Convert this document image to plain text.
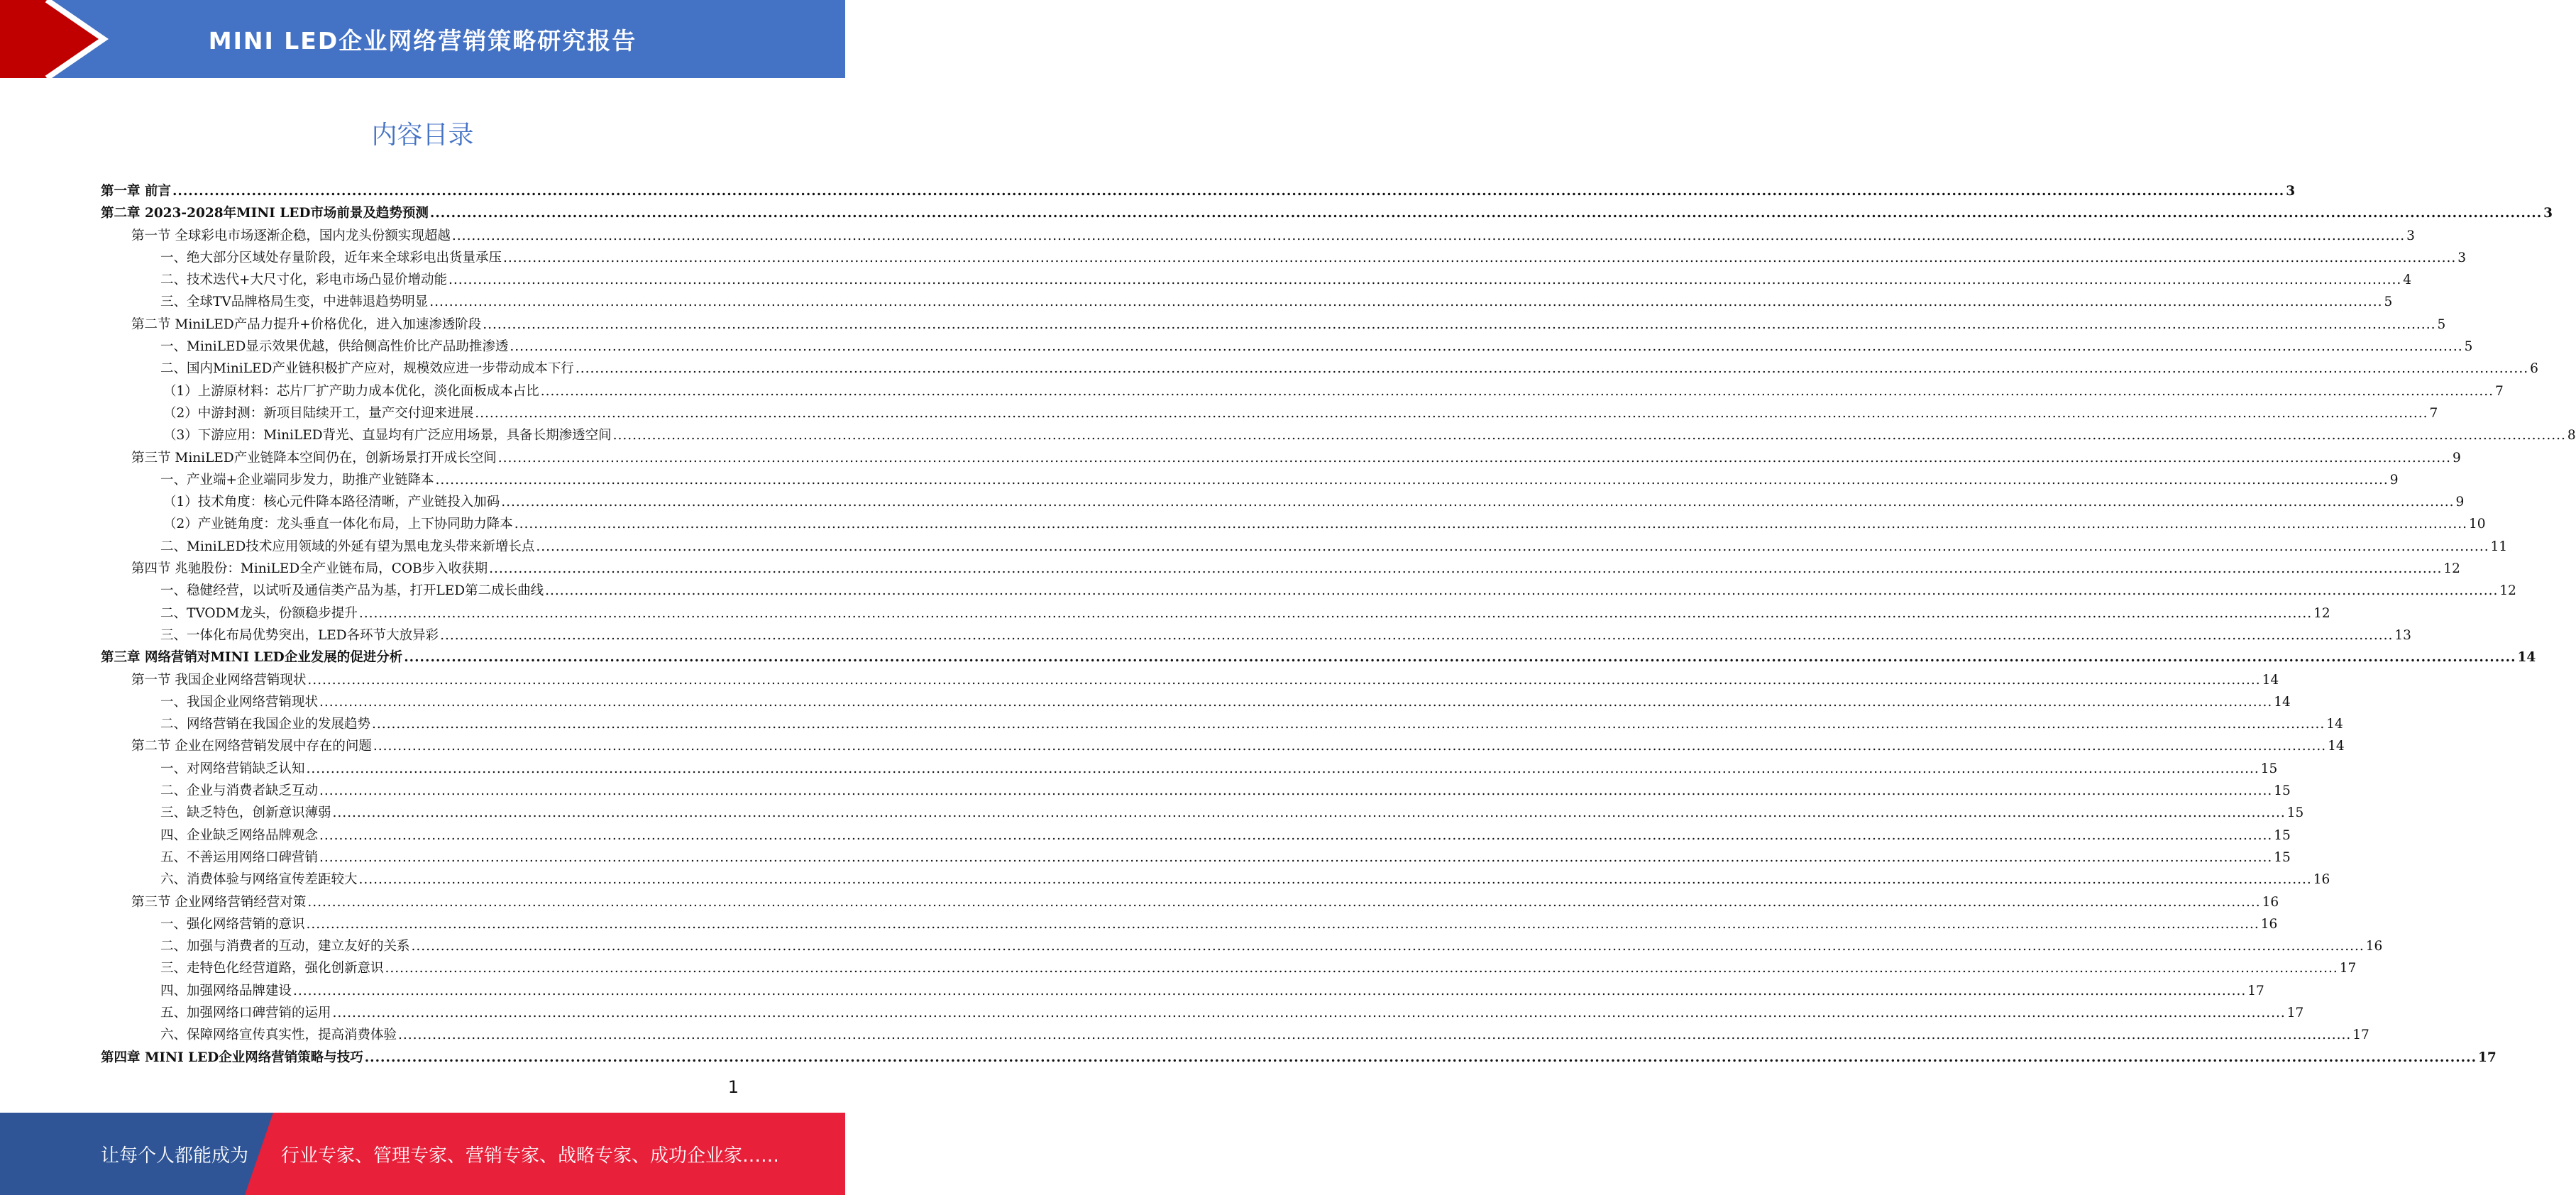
MINI LED企业网络营销策略研究报告
内容目录
第一章 前言 ................................................................................................................................................................................................................................................................................................................................................................................................................ 3
第二章 2023-2028年MINI LED市场前景及趋势预测 ................................................................................................................................................................................................................................................................................................................................................................................................................ 3
第一节 全球彩电市场逐渐企稳，国内龙头份额实现超越 ................................................................................................................................................................................................................................................................................................................................................................................................................ 3
一、绝大部分区域处存量阶段，近年来全球彩电出货量承压 ................................................................................................................................................................................................................................................................................................................................................................................................................ 3
二、技术迭代+大尺寸化，彩电市场凸显价增动能 ................................................................................................................................................................................................................................................................................................................................................................................................................ 4
三、全球TV品牌格局生变，中进韩退趋势明显 ................................................................................................................................................................................................................................................................................................................................................................................................................ 5
第二节 MiniLED产品力提升+价格优化，进入加速渗透阶段 ................................................................................................................................................................................................................................................................................................................................................................................................................ 5
一、MiniLED显示效果优越，供给侧高性价比产品助推渗透 ................................................................................................................................................................................................................................................................................................................................................................................................................ 5
二、国内MiniLED产业链积极扩产应对，规模效应进一步带动成本下行 ................................................................................................................................................................................................................................................................................................................................................................................................................ 6
（1）上游原材料：芯片厂扩产助力成本优化，淡化面板成本占比 ................................................................................................................................................................................................................................................................................................................................................................................................................ 7
（2）中游封测：新项目陆续开工，量产交付迎来进展 ................................................................................................................................................................................................................................................................................................................................................................................................................ 7
（3）下游应用：MiniLED背光、直显均有广泛应用场景，具备长期渗透空间 ................................................................................................................................................................................................................................................................................................................................................................................................................ 8
第三节 MiniLED产业链降本空间仍在，创新场景打开成长空间 ................................................................................................................................................................................................................................................................................................................................................................................................................ 9
一、产业端+企业端同步发力，助推产业链降本 ................................................................................................................................................................................................................................................................................................................................................................................................................ 9
（1）技术角度：核心元件降本路径清晰，产业链投入加码 ................................................................................................................................................................................................................................................................................................................................................................................................................ 9
（2）产业链角度：龙头垂直一体化布局，上下协同助力降本 ................................................................................................................................................................................................................................................................................................................................................................................................................ 10
二、MiniLED技术应用领域的外延有望为黑电龙头带来新增长点 ................................................................................................................................................................................................................................................................................................................................................................................................................ 11
第四节 兆驰股份：MiniLED全产业链布局，COB步入收获期 ................................................................................................................................................................................................................................................................................................................................................................................................................ 12
一、稳健经营，以试听及通信类产品为基，打开LED第二成长曲线 ................................................................................................................................................................................................................................................................................................................................................................................................................ 12
二、TVODM龙头，份额稳步提升 ................................................................................................................................................................................................................................................................................................................................................................................................................ 12
三、一体化布局优势突出，LED各环节大放异彩 ................................................................................................................................................................................................................................................................................................................................................................................................................ 13
第三章 网络营销对MINI LED企业发展的促进分析 ................................................................................................................................................................................................................................................................................................................................................................................................................ 14
第一节 我国企业网络营销现状 ................................................................................................................................................................................................................................................................................................................................................................................................................ 14
一、我国企业网络营销现状 ................................................................................................................................................................................................................................................................................................................................................................................................................ 14
二、网络营销在我国企业的发展趋势 ................................................................................................................................................................................................................................................................................................................................................................................................................ 14
第二节 企业在网络营销发展中存在的问题 ................................................................................................................................................................................................................................................................................................................................................................................................................ 14
一、对网络营销缺乏认知 ................................................................................................................................................................................................................................................................................................................................................................................................................ 15
二、企业与消费者缺乏互动 ................................................................................................................................................................................................................................................................................................................................................................................................................ 15
三、缺乏特色，创新意识薄弱 ................................................................................................................................................................................................................................................................................................................................................................................................................ 15
四、企业缺乏网络品牌观念 ................................................................................................................................................................................................................................................................................................................................................................................................................ 15
五、不善运用网络口碑营销 ................................................................................................................................................................................................................................................................................................................................................................................................................ 15
六、消费体验与网络宣传差距较大 ................................................................................................................................................................................................................................................................................................................................................................................................................ 16
第三节 企业网络营销经营对策 ................................................................................................................................................................................................................................................................................................................................................................................................................ 16
一、强化网络营销的意识 ................................................................................................................................................................................................................................................................................................................................................................................................................ 16
二、加强与消费者的互动，建立友好的关系 ................................................................................................................................................................................................................................................................................................................................................................................................................ 16
三、走特色化经营道路，强化创新意识 ................................................................................................................................................................................................................................................................................................................................................................................................................ 17
四、加强网络品牌建设 ................................................................................................................................................................................................................................................................................................................................................................................................................ 17
五、加强网络口碑营销的运用 ................................................................................................................................................................................................................................................................................................................................................................................................................ 17
六、保障网络宣传真实性，提高消费体验 ................................................................................................................................................................................................................................................................................................................................................................................................................ 17
第四章 MINI LED企业网络营销策略与技巧 ................................................................................................................................................................................................................................................................................................................................................................................................................ 17
1
让每个人都能成为 行业专家、管理专家、营销专家、战略专家、成功企业家……
